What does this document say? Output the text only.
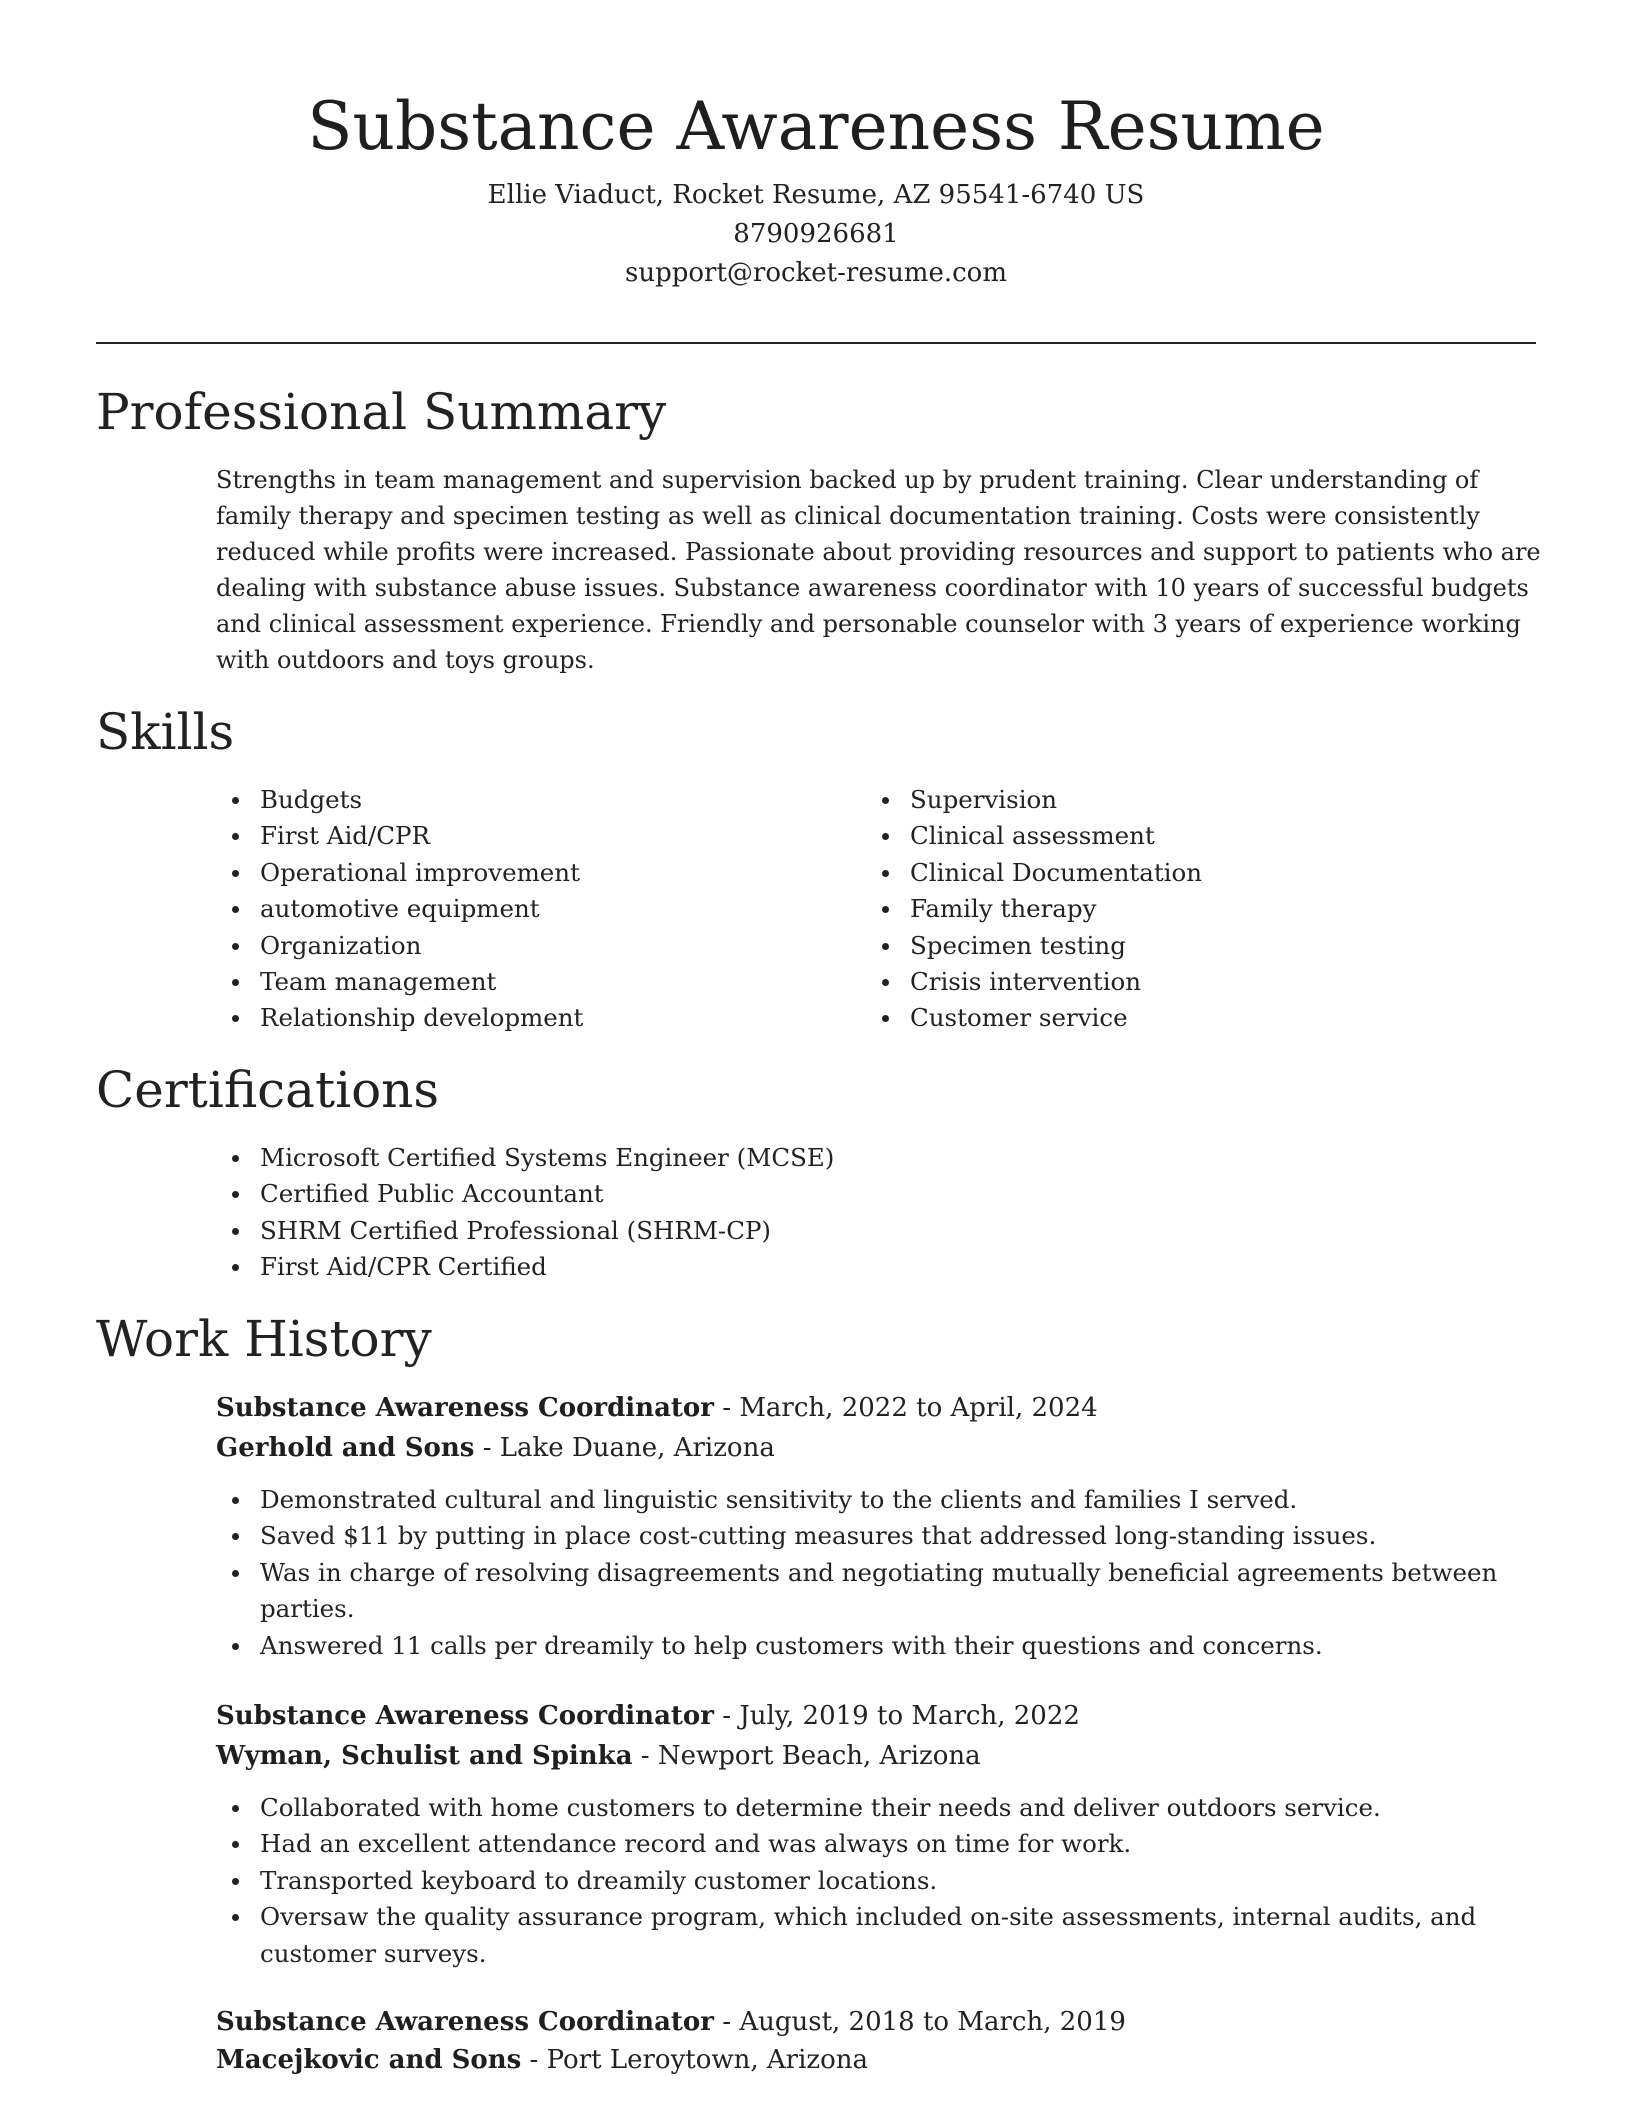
Substance Awareness Resume

Ellie Viaduct, Rocket Resume, AZ 95541-6740 US

8790926681

support@rocket-resume.com

Professional Summary

Strengths in team management and supervision backed up by prudent training. Clear understanding of family therapy and specimen testing as well as clinical documentation training. Costs were consistently reduced while profits were increased. Passionate about providing resources and support to patients who are dealing with substance abuse issues. Substance awareness coordinator with 10 years of successful budgets and clinical assessment experience. Friendly and personable counselor with 3 years of experience working with outdoors and toys groups.

Skills
Budgets
First Aid/CPR
Operational improvement
automotive equipment
Organization
Team management
Relationship development
Supervision
Clinical assessment
Clinical Documentation
Family therapy
Specimen testing
Crisis intervention
Customer service
Certifications
Microsoft Certified Systems Engineer (MCSE)
Certified Public Accountant
SHRM Certified Professional (SHRM-CP)
First Aid/CPR Certified
Work History

Substance Awareness Coordinator - March, 2022 to April, 2024

Gerhold and Sons - Lake Duane, Arizona

Demonstrated cultural and linguistic sensitivity to the clients and families I served.
Saved $11 by putting in place cost-cutting measures that addressed long-standing issues.
Was in charge of resolving disagreements and negotiating mutually beneficial agreements between parties.
Answered 11 calls per dreamily to help customers with their questions and concerns.

Substance Awareness Coordinator - July, 2019 to March, 2022

Wyman, Schulist and Spinka - Newport Beach, Arizona

Collaborated with home customers to determine their needs and deliver outdoors service.
Had an excellent attendance record and was always on time for work.
Transported keyboard to dreamily customer locations.
Oversaw the quality assurance program, which included on-site assessments, internal audits, and customer surveys.

Substance Awareness Coordinator - August, 2018 to March, 2019

Macejkovic and Sons - Port Leroytown, Arizona
